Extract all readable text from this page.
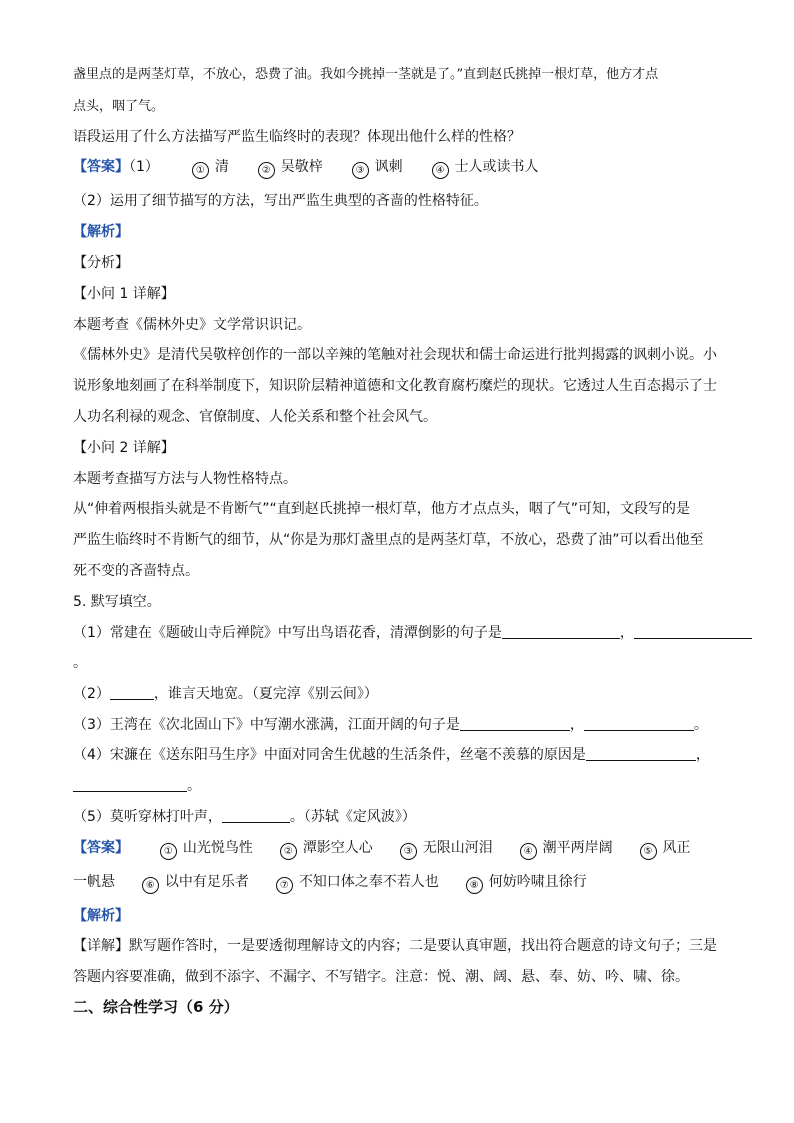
盏里点的是两茎灯草，不放心，恐费了油。我如今挑掉一茎就是了。”直到赵氏挑掉一根灯草，他方才点

点头，咽了气。

语段运用了什么方法描写严监生临终时的表现？体现出他什么样的性格？

【答案】（1）	① 清	② 吴敬梓	③ 讽刺	④ 士人或读书人

（2）运用了细节描写的方法，写出严监生典型的吝啬的性格特征。

【解析】

【分析】

【小问 1 详解】

本题考查《儒林外史》文学常识识记。

《儒林外史》是清代吴敬梓创作的一部以辛辣的笔触对社会现状和儒士命运进行批判揭露的讽刺小说。小

说形象地刻画了在科举制度下，知识阶层精神道德和文化教育腐朽糜烂的现状。它透过人生百态揭示了士

人功名利禄的观念、官僚制度、人伦关系和整个社会风气。

【小问 2 详解】

本题考查描写方法与人物性格特点。

从“伸着两根指头就是不肯断气”“直到赵氏挑掉一根灯草，他方才点点头，咽了气”可知，文段写的是

严监生临终时不肯断气的细节，从“你是为那灯盏里点的是两茎灯草，不放心，恐费了油”可以看出他至

死不变的吝啬特点。

5. 默写填空。

（1）常建在《题破山寺后禅院》中写出鸟语花香，清潭倒影的句子是	，

。

（2）	，谁言天地宽。（夏完淳《别云间》）

（3）王湾在《次北固山下》中写潮水涨满，江面开阔的句子是	，	。

（4）宋濂在《送东阳马生序》中面对同舍生优越的生活条件，丝毫不羡慕的原因是	，

。

（5）莫听穿林打叶声，	。（苏轼《定风波》）

【答案】	① 山光悦鸟性	② 潭影空人心	③ 无限山河泪	④ 潮平两岸阔	⑤ 风正

一帆悬	⑥ 以中有足乐者	⑦ 不知口体之奉不若人也	⑧ 何妨吟啸且徐行

【解析】

【详解】默写题作答时，一是要透彻理解诗文的内容；二是要认真审题，找出符合题意的诗文句子；三是

答题内容要准确，做到不添字、不漏字、不写错字。注意：悦、潮、阔、悬、奉、妨、吟、啸、徐。

二、综合性学习（6 分）
